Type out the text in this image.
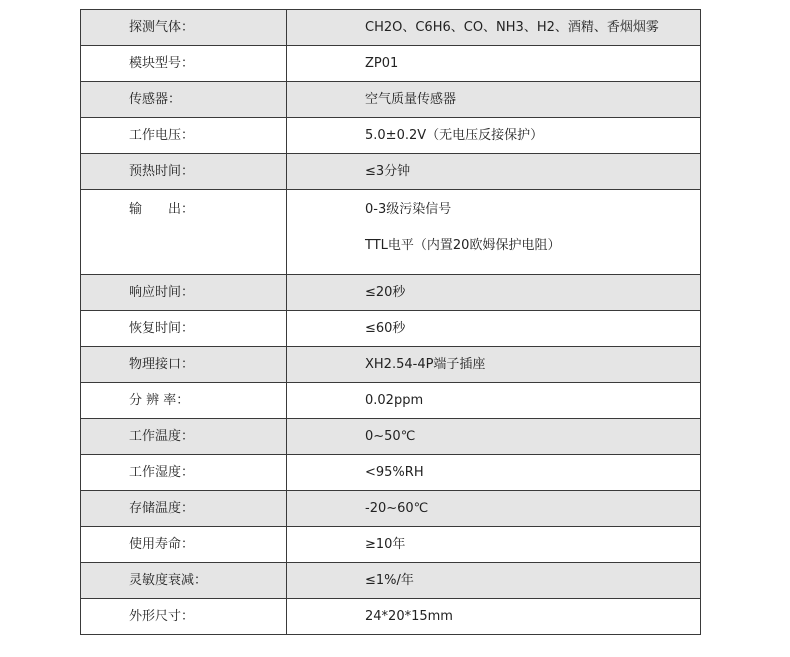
探测气体：	CH2O、C6H6、CO、NH3、H2、酒精、香烟烟雾
模块型号：	ZP01
传感器：	空气质量传感器
工作电压：	5.0±0.2V（无电压反接保护）
预热时间：	≤3分钟
输　　出：	0-3级污染信号
TTL电平（内置20欧姆保护电阻）

响应时间：	≤20秒
恢复时间：	≤60秒
物理接口：	XH2.54-4P端子插座
分 辨 率：	0.02ppm
工作温度：	0~50℃
工作湿度：	<95%RH
存储温度：	-20~60℃
使用寿命：	≥10年
灵敏度衰减：	≤1%/年
外形尺寸：	24*20*15mm
